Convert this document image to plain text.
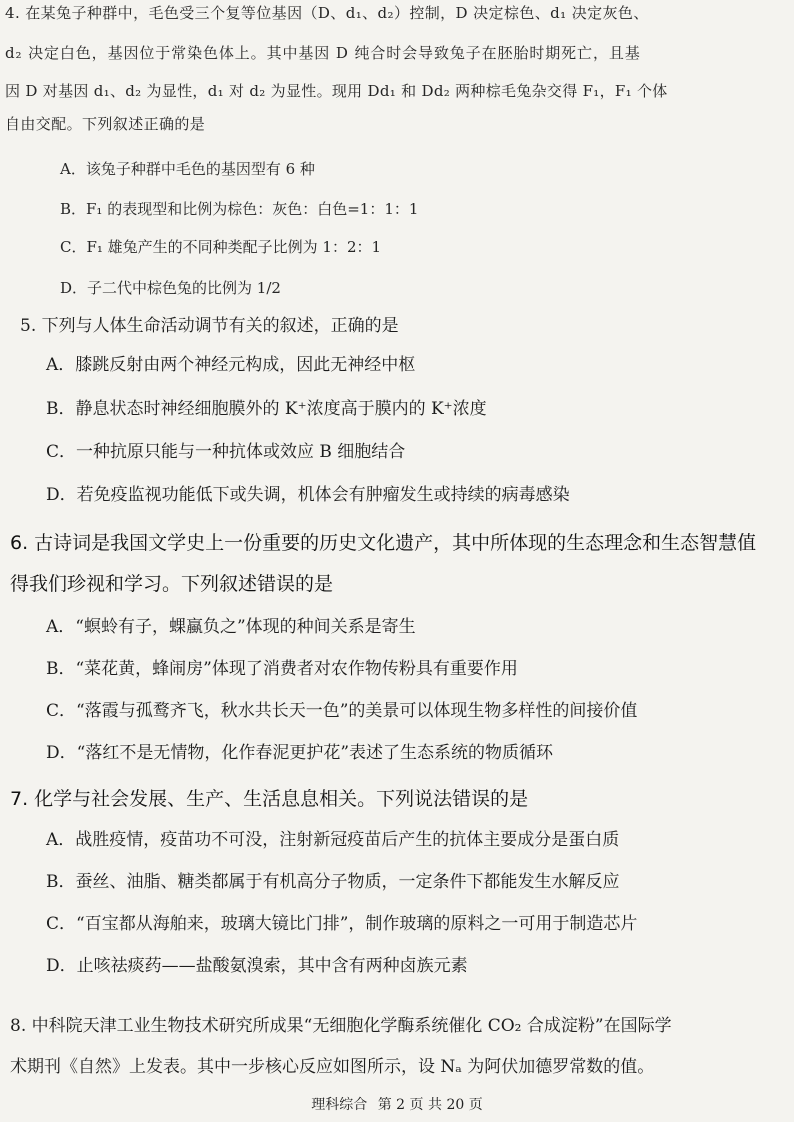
4. 在某兔子种群中，毛色受三个复等位基因（D、d₁、d₂）控制，D 决定棕色、d₁ 决定灰色、
d₂ 决定白色，基因位于常染色体上。其中基因 D 纯合时会导致兔子在胚胎时期死亡，且基
因 D 对基因 d₁、d₂ 为显性，d₁ 对 d₂ 为显性。现用 Dd₁ 和 Dd₂ 两种棕毛兔杂交得 F₁，F₁ 个体
自由交配。下列叙述正确的是
A．该兔子种群中毛色的基因型有 6 种
B．F₁ 的表现型和比例为棕色：灰色：白色=1：1：1
C．F₁ 雄兔产生的不同种类配子比例为 1：2：1
D．子二代中棕色兔的比例为 1/2
5. 下列与人体生命活动调节有关的叙述，正确的是
A．膝跳反射由两个神经元构成，因此无神经中枢
B．静息状态时神经细胞膜外的 K⁺浓度高于膜内的 K⁺浓度
C．一种抗原只能与一种抗体或效应 B 细胞结合
D．若免疫监视功能低下或失调，机体会有肿瘤发生或持续的病毒感染
6. 古诗词是我国文学史上一份重要的历史文化遗产，其中所体现的生态理念和生态智慧值
得我们珍视和学习。下列叙述错误的是
A．“螟蛉有子，蜾蠃负之”体现的种间关系是寄生
B．“菜花黄，蜂闹房”体现了消费者对农作物传粉具有重要作用
C．“落霞与孤鹜齐飞，秋水共长天一色”的美景可以体现生物多样性的间接价值
D．“落红不是无情物，化作春泥更护花”表述了生态系统的物质循环
7. 化学与社会发展、生产、生活息息相关。下列说法错误的是
A．战胜疫情，疫苗功不可没，注射新冠疫苗后产生的抗体主要成分是蛋白质
B．蚕丝、油脂、糖类都属于有机高分子物质，一定条件下都能发生水解反应
C．“百宝都从海舶来，玻璃大镜比门排”，制作玻璃的原料之一可用于制造芯片
D．止咳祛痰药——盐酸氨溴索，其中含有两种卤族元素
8. 中科院天津工业生物技术研究所成果“无细胞化学酶系统催化 CO₂ 合成淀粉”在国际学
术期刊《自然》上发表。其中一步核心反应如图所示，设 Nₐ 为阿伏加德罗常数的值。
理科综合 第 2 页 共 20 页
